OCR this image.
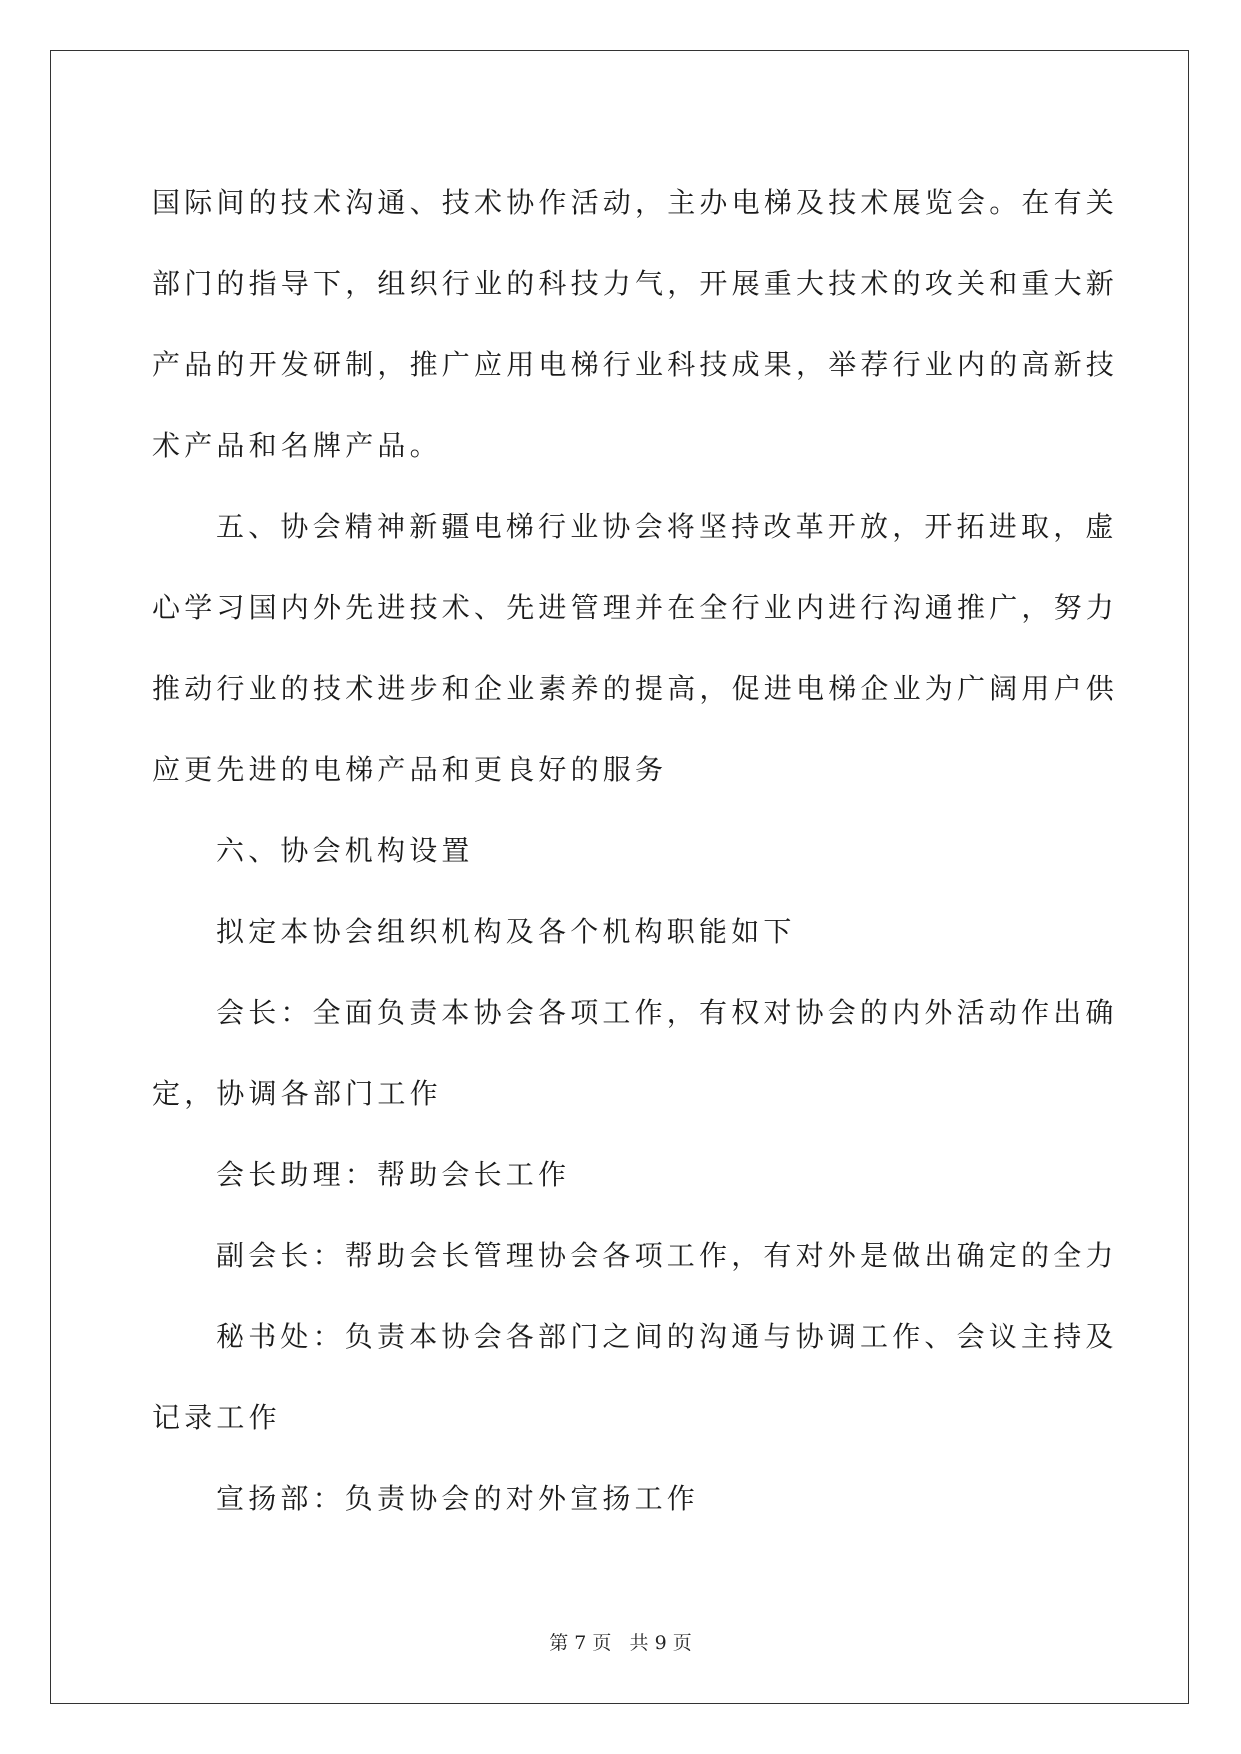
国际间的技术沟通、技术协作活动，主办电梯及技术展览会。在有关

部门的指导下，组织行业的科技力气，开展重大技术的攻关和重大新

产品的开发研制，推广应用电梯行业科技成果，举荐行业内的高新技

术产品和名牌产品。

五、协会精神新疆电梯行业协会将坚持改革开放，开拓进取，虚

心学习国内外先进技术、先进管理并在全行业内进行沟通推广，努力

推动行业的技术进步和企业素养的提高，促进电梯企业为广阔用户供

应更先进的电梯产品和更良好的服务

六、协会机构设置

拟定本协会组织机构及各个机构职能如下

会长：全面负责本协会各项工作，有权对协会的内外活动作出确

定，协调各部门工作

会长助理：帮助会长工作

副会长：帮助会长管理协会各项工作，有对外是做出确定的全力

秘书处：负责本协会各部门之间的沟通与协调工作、会议主持及

记录工作

宣扬部：负责协会的对外宣扬工作

第 7 页   共 9 页
